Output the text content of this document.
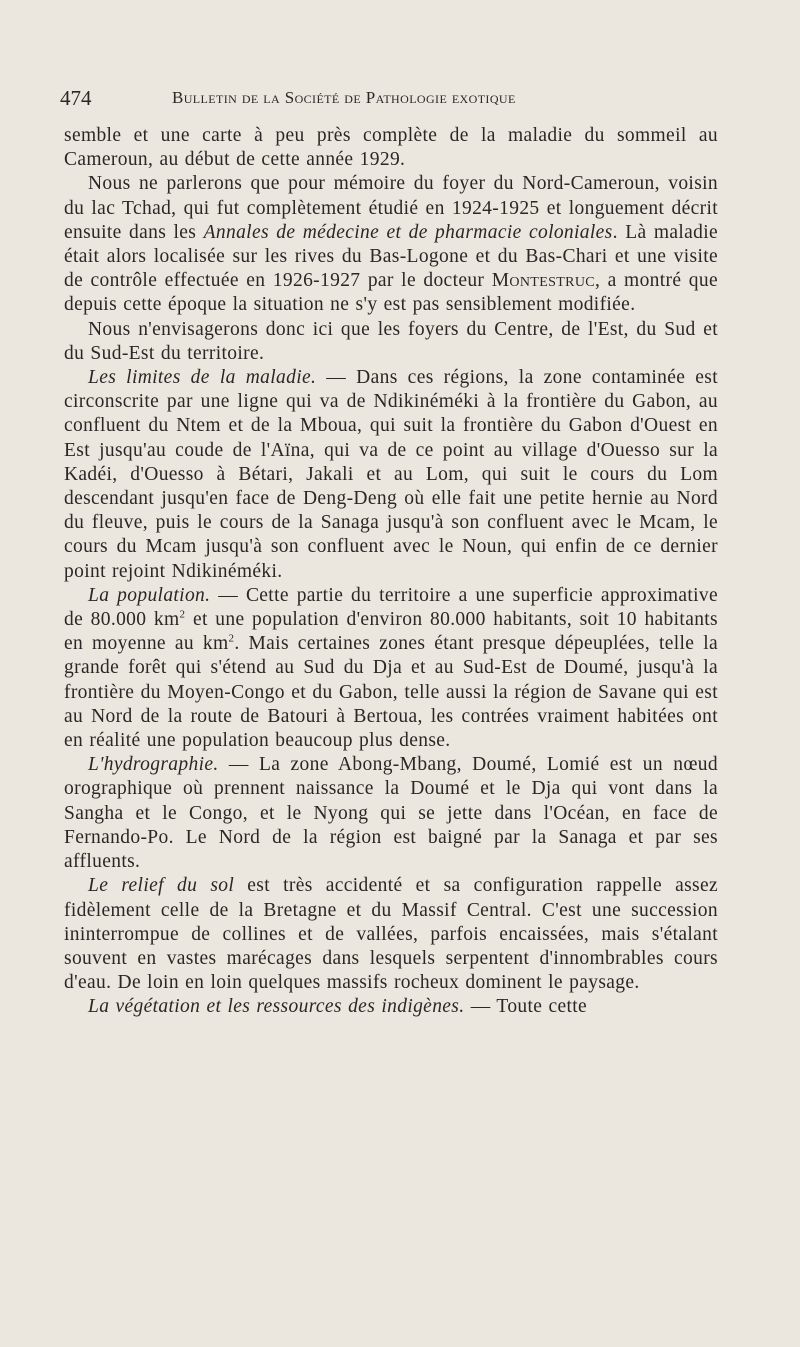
474	Bulletin de la Société de Pathologie exotique

semble et une carte à peu près complète de la maladie du sommeil au Cameroun, au début de cette année 1929.

Nous ne parlerons que pour mémoire du foyer du Nord-Cameroun, voisin du lac Tchad, qui fut complètement étudié en 1924-1925 et longuement décrit ensuite dans les Annales de médecine et de pharmacie coloniales. Là maladie était alors localisée sur les rives du Bas-Logone et du Bas-Chari et une visite de contrôle effectuée en 1926-1927 par le docteur Montestruc, a montré que depuis cette époque la situation ne s'y est pas sensiblement modifiée.

Nous n'envisagerons donc ici que les foyers du Centre, de l'Est, du Sud et du Sud-Est du territoire.

Les limites de la maladie. — Dans ces régions, la zone contaminée est circonscrite par une ligne qui va de Ndikinéméki à la frontière du Gabon, au confluent du Ntem et de la Mboua, qui suit la frontière du Gabon d'Ouest en Est jusqu'au coude de l'Aïna, qui va de ce point au village d'Ouesso sur la Kadéi, d'Ouesso à Bétari, Jakali et au Lom, qui suit le cours du Lom descendant jusqu'en face de Deng-Deng où elle fait une petite hernie au Nord du fleuve, puis le cours de la Sanaga jusqu'à son confluent avec le Mcam, le cours du Mcam jusqu'à son confluent avec le Noun, qui enfin de ce dernier point rejoint Ndikinéméki.

La population. — Cette partie du territoire a une superficie approximative de 80.000 $km^2$ et une population d'environ 80.000 habitants, soit 10 habitants en moyenne au $km^2$. Mais certaines zones étant presque dépeuplées, telle la grande forêt qui s'étend au Sud du Dja et au Sud-Est de Doumé, jusqu'à la frontière du Moyen-Congo et du Gabon, telle aussi la région de Savane qui est au Nord de la route de Batouri à Bertoua, les contrées vraiment habitées ont en réalité une population beaucoup plus dense.

L'hydrographie. — La zone Abong-Mbang, Doumé, Lomié est un nœud orographique où prennent naissance la Doumé et le Dja qui vont dans la Sangha et le Congo, et le Nyong qui se jette dans l'Océan, en face de Fernando-Po. Le Nord de la région est baigné par la Sanaga et par ses affluents.

Le relief du sol est très accidenté et sa configuration rappelle assez fidèlement celle de la Bretagne et du Massif Central. C'est une succession ininterrompue de collines et de vallées, parfois encaissées, mais s'étalant souvent en vastes marécages dans lesquels serpentent d'innombrables cours d'eau. De loin en loin quelques massifs rocheux dominent le paysage.

La végétation et les ressources des indigènes. — Toute cette
